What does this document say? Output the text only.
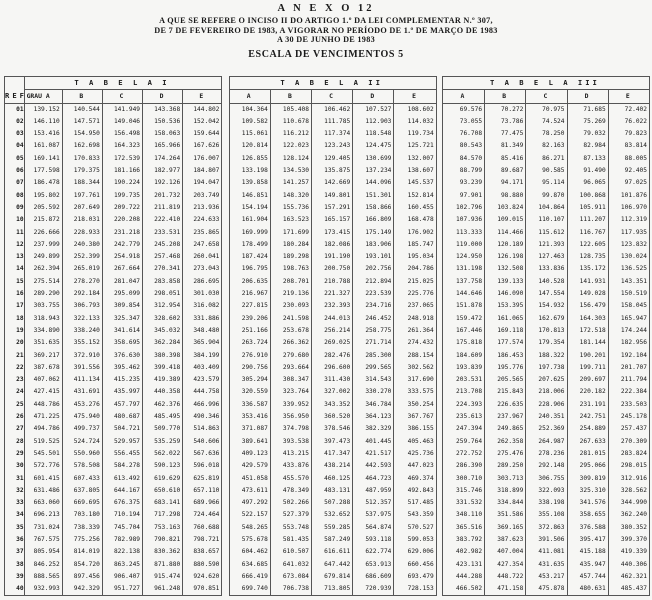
A N E X O 12
A QUE SE REFERE O INCISO II DO ARTIGO 1.º DA LEI COMPLEMENTAR N.º 307,
DE 7 DE FEVEREIRO DE 1983, A VIGORAR NO PERÍODO DE 1.º DE MARÇO DE 1983
A 30 DE JUNHO DE 1983
ESCALA DE VENCIMENTOS 5
REF	T A B E L A I						T A B E L A II						T A B E L A III				
	GRAU A	B	C	D	E		A	B	C	D	E		A	B	C	D	E
01	139.152	140.544	141.949	143.368	144.802		104.364	105.408	106.462	107.527	108.602		69.576	70.272	70.975	71.685	72.402
02	146.110	147.571	149.046	150.536	152.042		109.582	110.678	111.785	112.903	114.032		73.055	73.786	74.524	75.269	76.022
03	153.416	154.950	156.498	158.063	159.644		115.061	116.212	117.374	118.548	119.734		76.708	77.475	78.250	79.032	79.823
04	161.087	162.698	164.323	165.966	167.626		120.814	122.023	123.243	124.475	125.721		80.543	81.349	82.163	82.984	83.814
05	169.141	170.833	172.539	174.264	176.007		126.855	128.124	129.405	130.699	132.007		84.570	85.416	86.271	87.133	88.005
06	177.598	179.375	181.166	182.977	184.807		133.198	134.530	135.875	137.234	138.607		88.799	89.687	90.585	91.490	92.405
07	186.478	188.344	190.224	192.126	194.047		139.858	141.257	142.669	144.096	145.537		93.239	94.171	95.114	96.065	97.025
08	195.802	197.761	199.735	201.732	203.749		146.851	148.320	149.801	151.301	152.814		97.901	98.880	99.870	100.868	101.876
09	205.592	207.649	209.722	211.819	213.936		154.194	155.736	157.291	158.866	160.455		102.796	103.824	104.864	105.911	106.970
10	215.872	218.031	220.208	222.410	224.633		161.904	163.523	165.157	166.809	168.478		107.936	109.015	110.107	111.207	112.319
11	226.666	228.933	231.218	233.531	235.865		169.999	171.699	173.415	175.149	176.902		113.333	114.466	115.612	116.767	117.935
12	237.999	240.380	242.779	245.208	247.658		178.499	180.284	182.086	183.906	185.747		119.000	120.189	121.393	122.605	123.832
13	249.899	252.399	254.918	257.468	260.041		187.424	189.298	191.190	193.101	195.034		124.950	126.198	127.463	128.735	130.024
14	262.394	265.019	267.664	270.341	273.043		196.795	198.763	200.750	202.756	204.786		131.198	132.508	133.836	135.172	136.525
15	275.514	278.270	281.047	283.858	286.695		206.635	208.701	210.788	212.894	215.025		137.758	139.133	140.528	141.931	143.351
16	289.290	292.184	295.099	298.051	301.030		216.967	219.136	221.327	223.539	225.776		144.646	146.090	147.554	149.028	150.519
17	303.755	306.793	309.854	312.954	316.082		227.815	230.093	232.393	234.716	237.065		151.878	153.395	154.932	156.479	158.045
18	318.943	322.133	325.347	328.602	331.886		239.206	241.598	244.013	246.452	248.918		159.472	161.065	162.679	164.303	165.947
19	334.890	338.240	341.614	345.032	348.480		251.166	253.678	256.214	258.775	261.364		167.446	169.118	170.813	172.518	174.244
20	351.635	355.152	358.695	362.284	365.904		263.724	266.362	269.025	271.714	274.432		175.818	177.574	179.354	181.144	182.956
21	369.217	372.910	376.630	380.398	384.199		276.910	279.680	282.476	285.300	288.154		184.609	186.453	188.322	190.201	192.104
22	387.678	391.556	395.462	399.418	403.409		290.756	293.664	296.600	299.565	302.562		193.839	195.776	197.738	199.711	201.707
23	407.062	411.134	415.235	419.389	423.579		305.294	308.347	311.430	314.543	317.690		203.531	205.565	207.625	209.697	211.794
24	427.415	431.691	435.997	440.358	444.758		320.559	323.764	327.002	330.270	333.575		213.708	215.843	218.006	220.182	222.384
25	448.786	453.276	457.797	462.376	466.996		336.587	339.952	343.352	346.784	350.254		224.393	226.635	228.906	231.191	233.503
26	471.225	475.940	480.687	485.495	490.346		353.416	356.950	360.520	364.123	367.767		235.613	237.967	240.351	242.751	245.178
27	494.786	499.737	504.721	509.770	514.863		371.087	374.798	378.546	382.329	386.155		247.394	249.865	252.369	254.889	257.437
28	519.525	524.724	529.957	535.259	540.606		389.641	393.538	397.473	401.445	405.463		259.764	262.358	264.987	267.633	270.309
29	545.501	550.960	556.455	562.022	567.636		409.123	413.215	417.347	421.517	425.736		272.752	275.476	278.236	281.015	283.824
30	572.776	578.508	584.278	590.123	596.018		429.579	433.876	438.214	442.593	447.023		286.390	289.250	292.148	295.066	298.015
31	601.415	607.433	613.492	619.629	625.819		451.058	455.570	460.125	464.723	469.374		300.710	303.713	306.755	309.819	312.916
32	631.486	637.805	644.167	650.610	657.110		473.611	478.349	483.131	487.959	492.843		315.746	318.899	322.093	325.310	328.562
33	663.060	669.695	676.375	683.141	689.966		497.292	502.266	507.288	512.357	517.485		331.532	334.844	338.198	341.576	344.990
34	696.213	703.180	710.194	717.298	724.464		522.157	527.379	532.652	537.975	543.359		348.110	351.586	355.108	358.655	362.240
35	731.024	738.339	745.704	753.163	760.688		548.265	553.748	559.285	564.874	570.527		365.516	369.165	372.863	376.588	380.352
36	767.575	775.256	782.989	790.821	798.721		575.678	581.435	587.249	593.118	599.053		383.792	387.623	391.506	395.417	399.370
37	805.954	814.019	822.138	830.362	838.657		604.462	610.507	616.611	622.774	629.006		402.982	407.004	411.081	415.188	419.339
38	846.252	854.720	863.245	871.880	880.590		634.685	641.032	647.442	653.913	660.456		423.131	427.354	431.635	435.947	440.306
39	888.565	897.456	906.407	915.474	924.620		666.419	673.084	679.814	686.609	693.479		444.288	448.722	453.217	457.744	462.321
40	932.993	942.329	951.727	961.248	970.851		699.740	706.738	713.805	720.939	728.153		466.502	471.158	475.878	480.631	485.437
